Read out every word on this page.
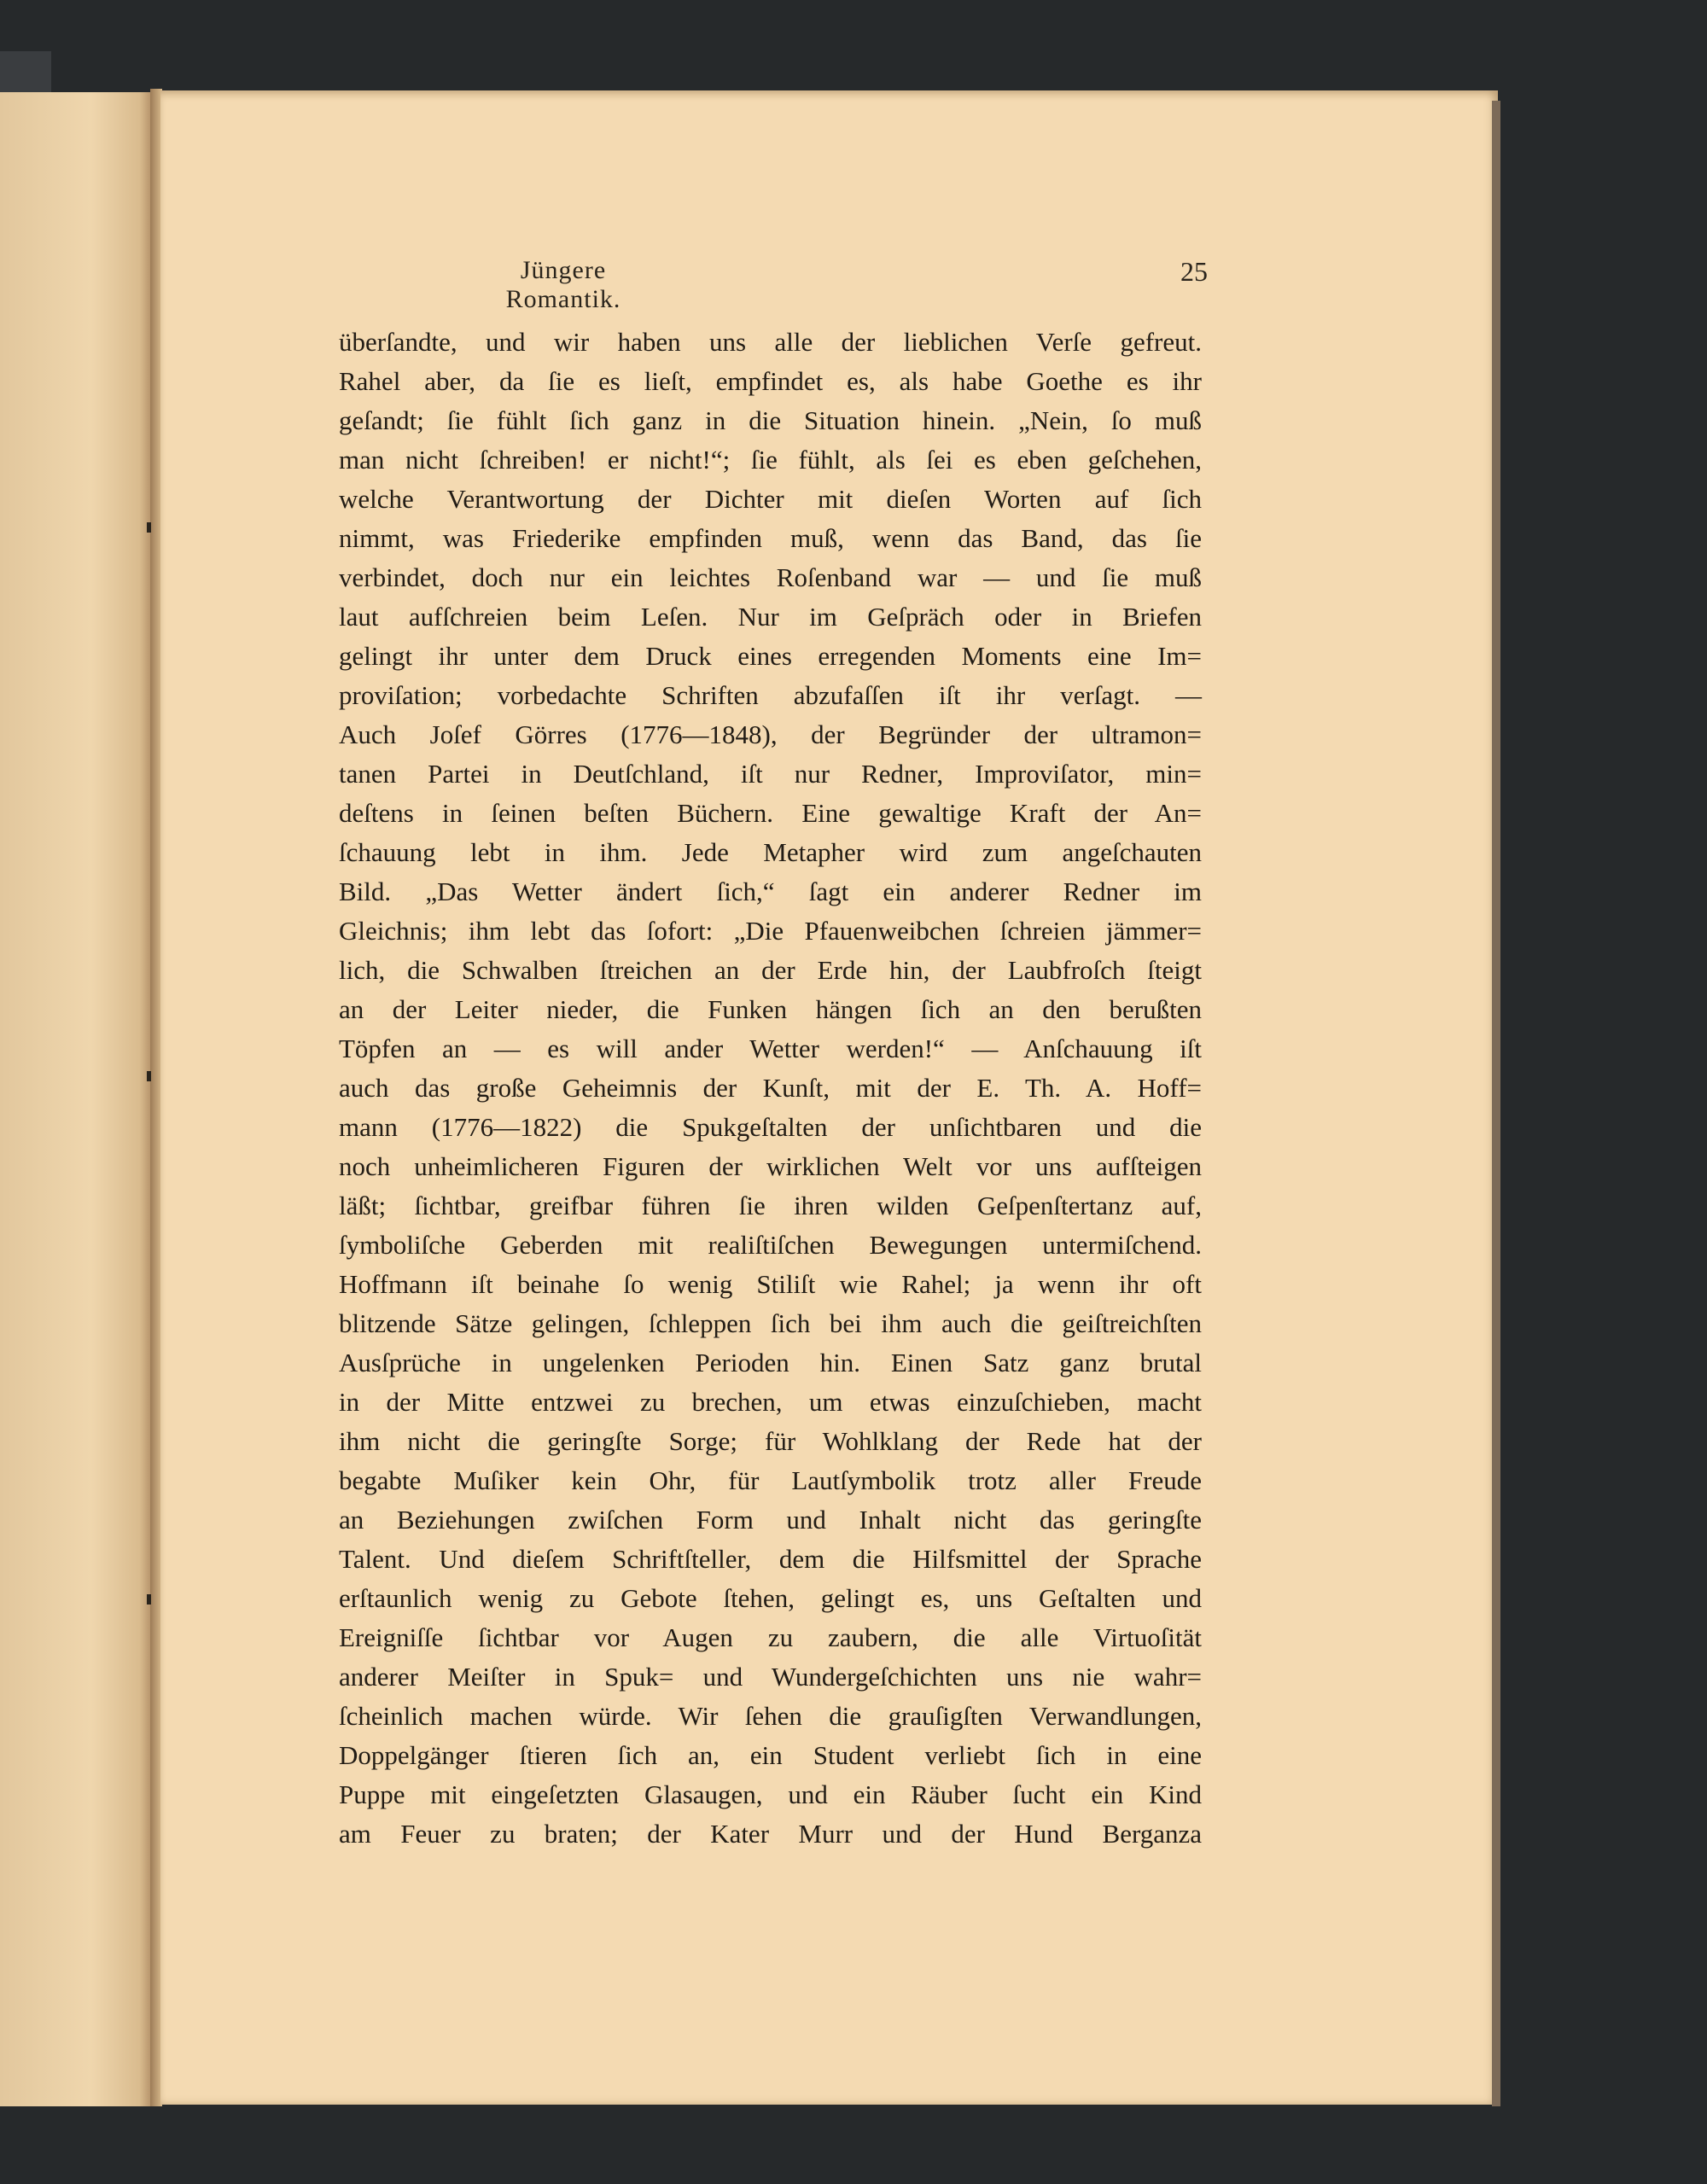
Jüngere Romantik.
25
überſandte, und wir haben uns alle der lieblichen Verſe gefreut.
Rahel aber, da ſie es lieſt, empfindet es, als habe Goethe es ihr
geſandt; ſie fühlt ſich ganz in die Situation hinein. „Nein, ſo muß
man nicht ſchreiben! er nicht!“; ſie fühlt, als ſei es eben geſchehen,
welche Verantwortung der Dichter mit dieſen Worten auf ſich
nimmt, was Friederike empfinden muß, wenn das Band, das ſie
verbindet, doch nur ein leichtes Roſenband war — und ſie muß
laut aufſchreien beim Leſen. Nur im Geſpräch oder in Briefen
gelingt ihr unter dem Druck eines erregenden Moments eine Im=
proviſation; vorbedachte Schriften abzufaſſen iſt ihr verſagt. —
Auch Joſef Görres (1776—1848), der Begründer der ultramon=
tanen Partei in Deutſchland, iſt nur Redner, Improviſator, min=
deſtens in ſeinen beſten Büchern. Eine gewaltige Kraft der An=
ſchauung lebt in ihm. Jede Metapher wird zum angeſchauten
Bild. „Das Wetter ändert ſich,“ ſagt ein anderer Redner im
Gleichnis; ihm lebt das ſofort: „Die Pfauenweibchen ſchreien jämmer=
lich, die Schwalben ſtreichen an der Erde hin, der Laubfroſch ſteigt
an der Leiter nieder, die Funken hängen ſich an den berußten
Töpfen an — es will ander Wetter werden!“ — Anſchauung iſt
auch das große Geheimnis der Kunſt, mit der E. Th. A. Hoff=
mann (1776—1822) die Spukgeſtalten der unſichtbaren und die
noch unheimlicheren Figuren der wirklichen Welt vor uns aufſteigen
läßt; ſichtbar, greifbar führen ſie ihren wilden Geſpenſtertanz auf,
ſymboliſche Geberden mit realiſtiſchen Bewegungen untermiſchend.
Hoffmann iſt beinahe ſo wenig Stiliſt wie Rahel; ja wenn ihr oft
blitzende Sätze gelingen, ſchleppen ſich bei ihm auch die geiſtreichſten
Ausſprüche in ungelenken Perioden hin. Einen Satz ganz brutal
in der Mitte entzwei zu brechen, um etwas einzuſchieben, macht
ihm nicht die geringſte Sorge; für Wohlklang der Rede hat der
begabte Muſiker kein Ohr, für Lautſymbolik trotz aller Freude
an Beziehungen zwiſchen Form und Inhalt nicht das geringſte
Talent. Und dieſem Schriftſteller, dem die Hilfsmittel der Sprache
erſtaunlich wenig zu Gebote ſtehen, gelingt es, uns Geſtalten und
Ereigniſſe ſichtbar vor Augen zu zaubern, die alle Virtuoſität
anderer Meiſter in Spuk= und Wundergeſchichten uns nie wahr=
ſcheinlich machen würde. Wir ſehen die grauſigſten Verwandlungen,
Doppelgänger ſtieren ſich an, ein Student verliebt ſich in eine
Puppe mit eingeſetzten Glasaugen, und ein Räuber ſucht ein Kind
am Feuer zu braten; der Kater Murr und der Hund Berganza
